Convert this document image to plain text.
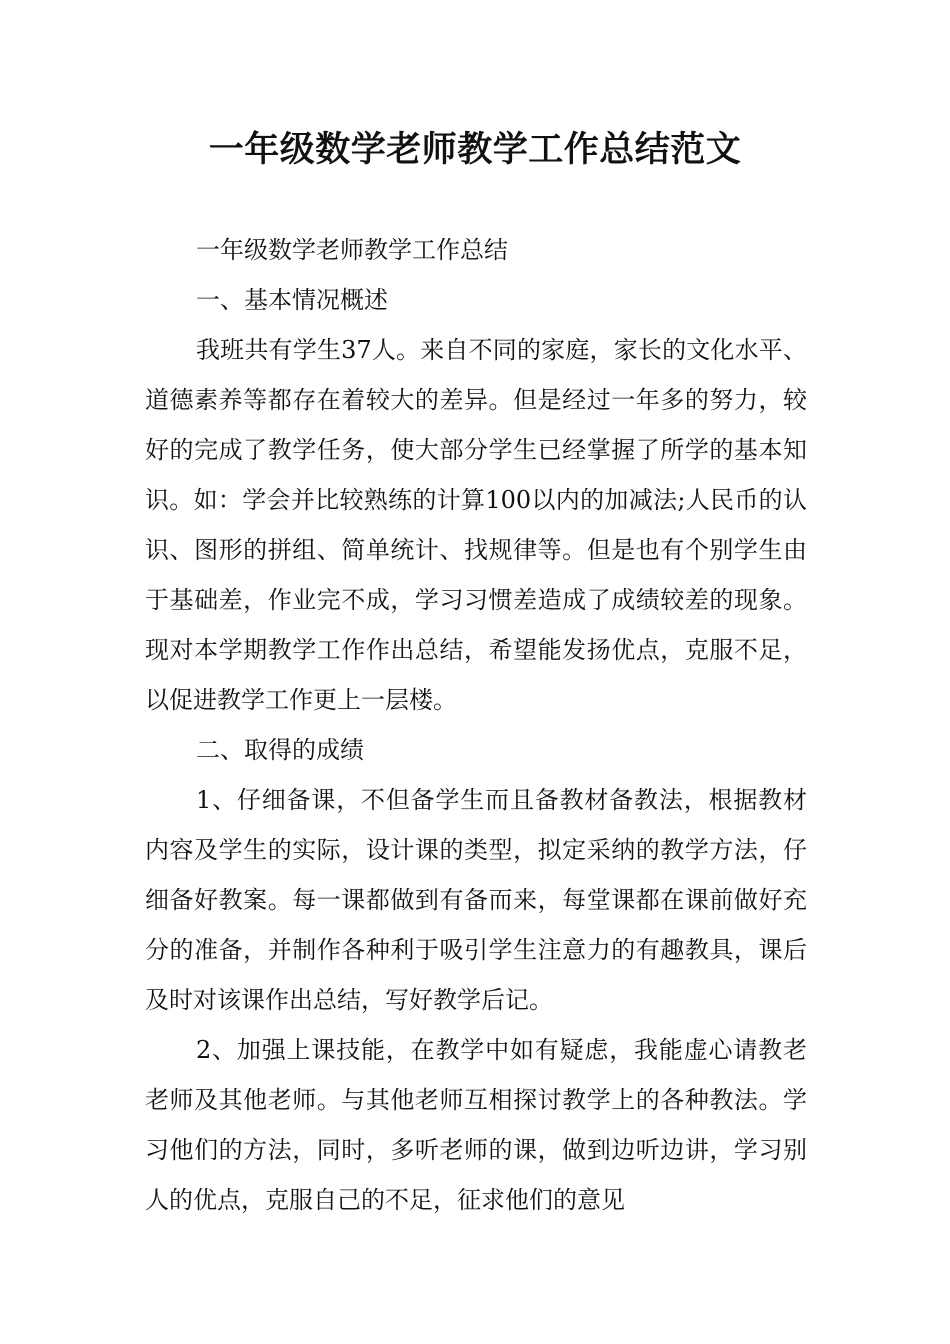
一年级数学老师教学工作总结范文

一年级数学老师教学工作总结

一、基本情况概述

我班共有学生37人。来自不同的家庭，家长的文化水平、道德素养等都存在着较大的差异。但是经过一年多的努力，较好的完成了教学任务，使大部分学生已经掌握了所学的基本知识。如：学会并比较熟练的计算100以内的加减法;人民币的认识、图形的拼组、简单统计、找规律等。但是也有个别学生由于基础差，作业完不成，学习习惯差造成了成绩较差的现象。现对本学期教学工作作出总结，希望能发扬优点，克服不足，以促进教学工作更上一层楼。

二、取得的成绩

1、仔细备课，不但备学生而且备教材备教法，根据教材内容及学生的实际，设计课的类型，拟定采纳的教学方法，仔细备好教案。每一课都做到有备而来，每堂课都在课前做好充分的准备，并制作各种利于吸引学生注意力的有趣教具，课后及时对该课作出总结，写好教学后记。

2、加强上课技能，在教学中如有疑虑，我能虚心请教老老师及其他老师。与其他老师互相探讨教学上的各种教法。学习他们的方法，同时，多听老师的课，做到边听边讲，学习别人的优点，克服自己的不足，征求他们的意见
